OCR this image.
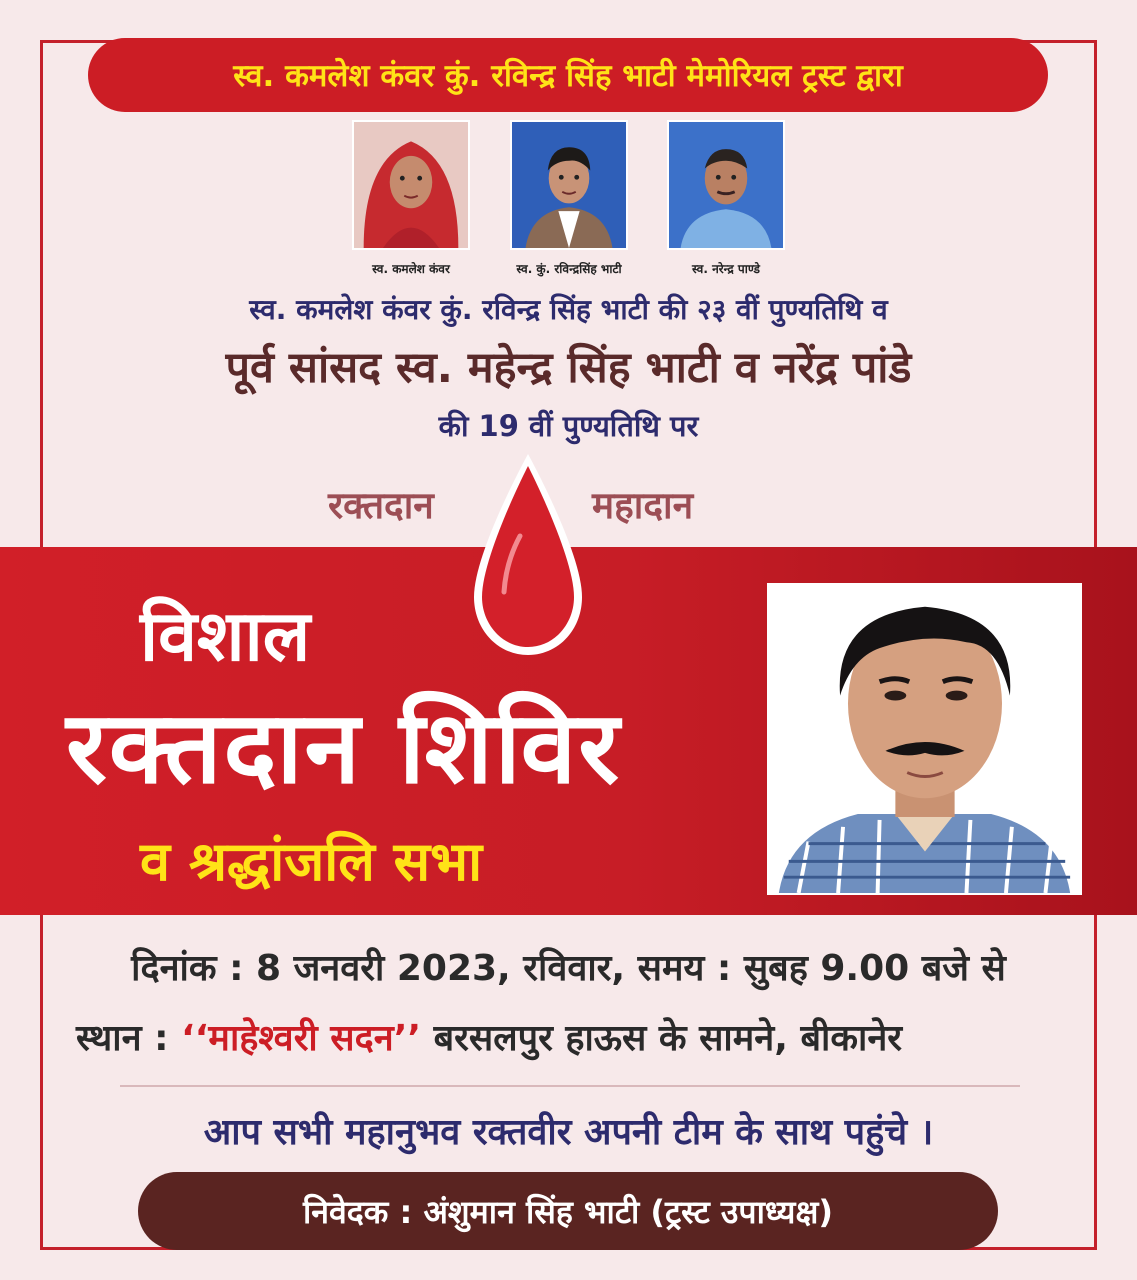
स्व. कमलेश कंवर कुं. रविन्द्र सिंह भाटी मेमोरियल ट्रस्ट द्वारा
स्व. कमलेश कंवर	स्व. कुं. रविन्द्रसिंह भाटी	स्व. नरेन्द्र पाण्डे
स्व. कमलेश कंवर कुं. रविन्द्र सिंह भाटी की २३ वीं पुण्यतिथि व
पूर्व सांसद स्व. महेन्द्र सिंह भाटी व नरेंद्र पांडे
की 19 वीं पुण्यतिथि पर
रक्तदान	महादान
विशाल
रक्तदान शिविर
व श्रद्धांजलि सभा
दिनांक : 8 जनवरी 2023, रविवार, समय : सुबह 9.00 बजे से
स्थान : ‘‘माहेश्वरी सदन’’ बरसलपुर हाऊस के सामने, बीकानेर
आप सभी महानुभव रक्तवीर अपनी टीम के साथ पहुंचे ।
निवेदक : अंशुमान सिंह भाटी (ट्रस्ट उपाध्यक्ष)
